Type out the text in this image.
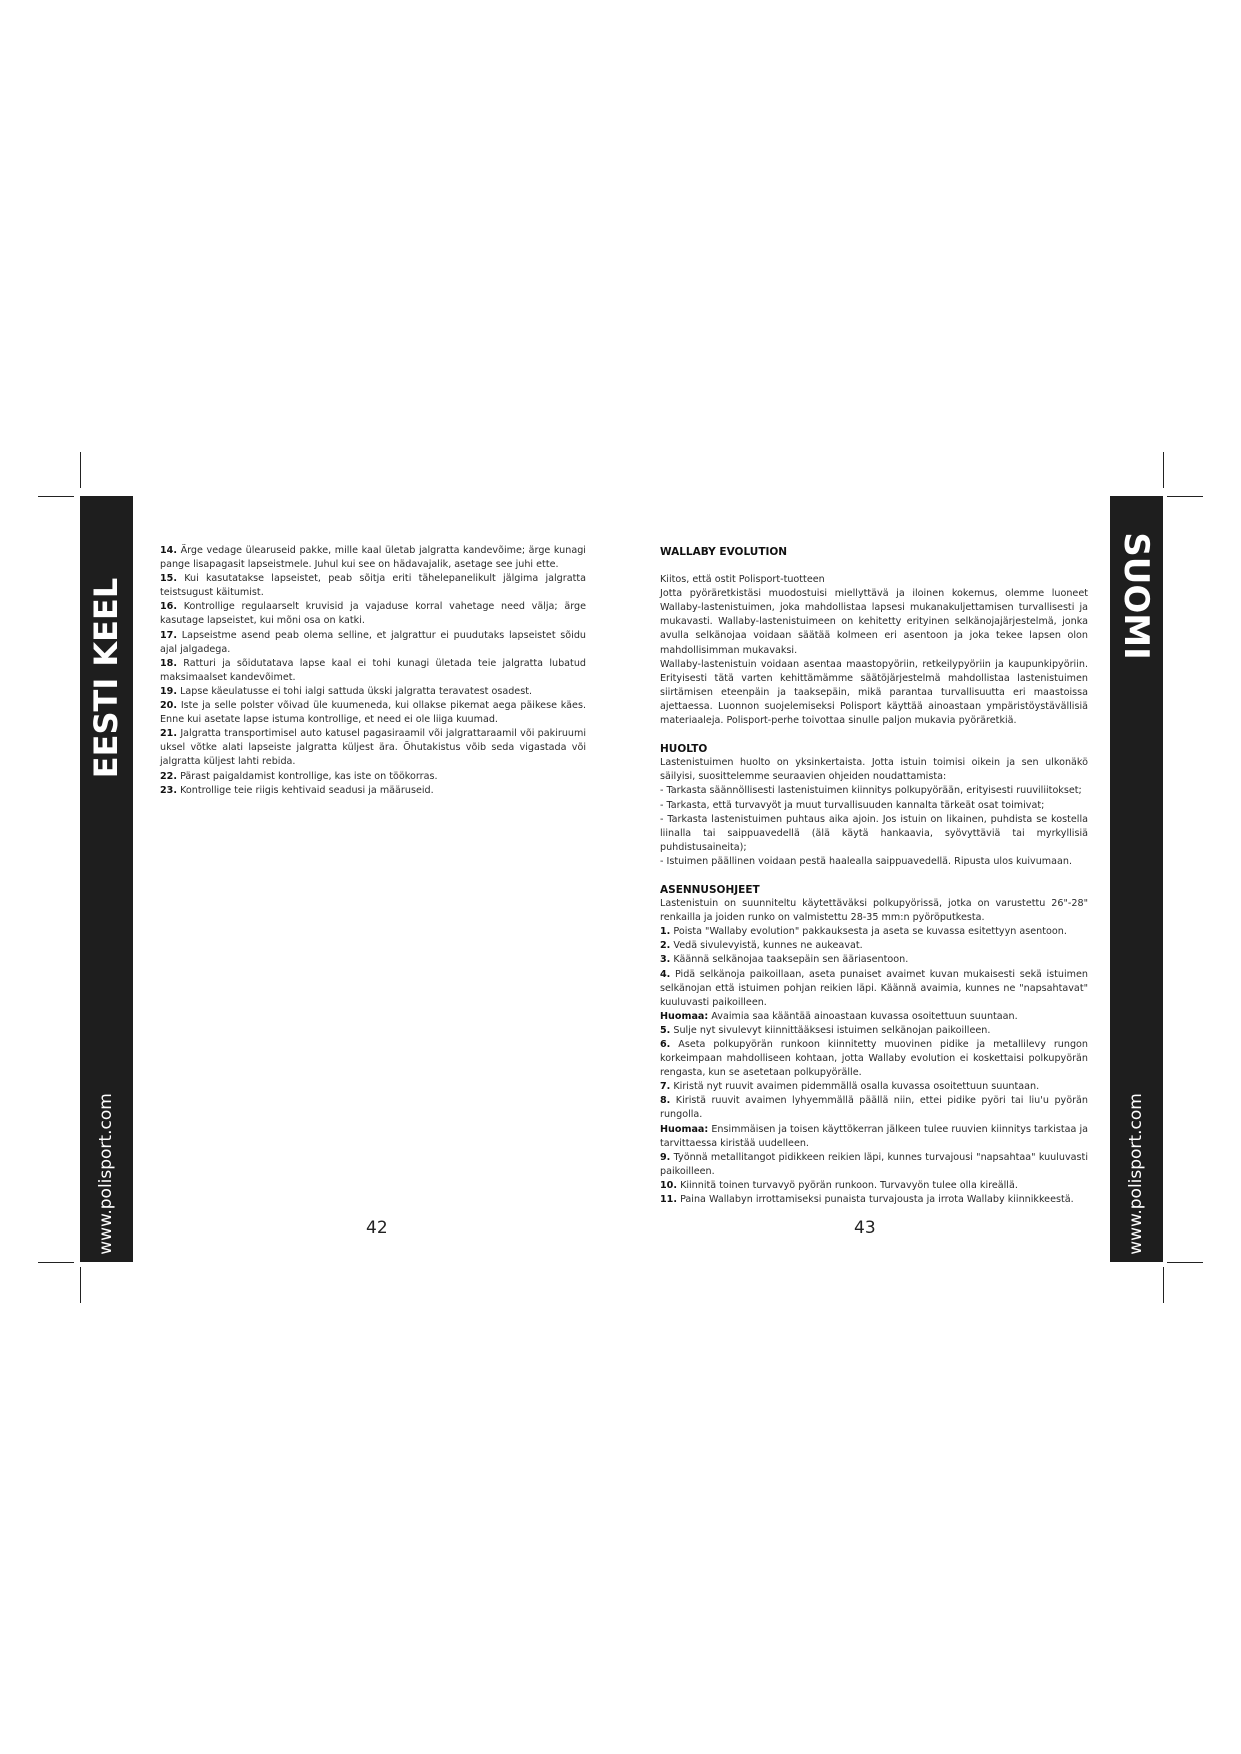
EESTI KEEL
www.polisport.com
SUOMI
www.polisport.com

14. Ärge vedage ülearuseid pakke, mille kaal ületab jalgratta kandevõime; ärge kunagi pange lisapagasit lapseistmele. Juhul kui see on hädavajalik, asetage see juhi ette.

15. Kui kasutatakse lapseistet, peab sõitja eriti tähelepanelikult jälgima jalgratta teistsugust käitumist.

16. Kontrollige regulaarselt kruvisid ja vajaduse korral vahetage need välja; ärge kasutage lapseistet, kui mõni osa on katki.

17. Lapseistme asend peab olema selline, et jalgrattur ei puudutaks lapseistet sõidu ajal jalgadega.

18. Ratturi ja sõidutatava lapse kaal ei tohi kunagi ületada teie jalgratta lubatud maksimaalset kandevõimet.

19. Lapse käeulatusse ei tohi ialgi sattuda ükski jalgratta teravatest osadest.

20. Iste ja selle polster võivad üle kuumeneda, kui ollakse pikemat aega päikese käes. Enne kui asetate lapse istuma kontrollige, et need ei ole liiga kuumad.

21. Jalgratta transportimisel auto katusel pagasiraamil või jalgrattaraamil või pakiruumi uksel võtke alati lapseiste jalgratta küljest ära. Õhutakistus võib seda vigastada või jalgratta küljest lahti rebida.

22. Pärast paigaldamist kontrollige, kas iste on töökorras.

23. Kontrollige teie riigis kehtivaid seadusi ja määruseid.

WALLABY EVOLUTION

Kiitos, että ostit Polisport-tuotteen

Jotta pyöräretkistäsi muodostuisi miellyttävä ja iloinen kokemus, olemme luoneet Wallaby-lastenistuimen, joka mahdollistaa lapsesi mukanakuljettamisen turvallisesti ja mukavasti. Wallaby-lastenistuimeen on kehitetty erityinen selkänojajärjestelmä, jonka avulla selkänojaa voidaan säätää kolmeen eri asentoon ja joka tekee lapsen olon mahdollisimman mukavaksi.

Wallaby-lastenistuin voidaan asentaa maastopyöriin, retkeilypyöriin ja kaupunkipyöriin. Erityisesti tätä varten kehittämämme säätöjärjestelmä mahdollistaa lastenistuimen siirtämisen eteenpäin ja taaksepäin, mikä parantaa turvallisuutta eri maastoissa ajettaessa. Luonnon suojelemiseksi Polisport käyttää ainoastaan ympäristöystävällisiä materiaaleja. Polisport-perhe toivottaa sinulle paljon mukavia pyöräretkiä.

HUOLTO

Lastenistuimen huolto on yksinkertaista. Jotta istuin toimisi oikein ja sen ulkonäkö säilyisi, suosittelemme seuraavien ohjeiden noudattamista:

- Tarkasta säännöllisesti lastenistuimen kiinnitys polkupyörään, erityisesti ruuviliitokset;

- Tarkasta, että turvavyöt ja muut turvallisuuden kannalta tärkeät osat toimivat;

- Tarkasta lastenistuimen puhtaus aika ajoin. Jos istuin on likainen, puhdista se kostella liinalla tai saippuavedellä (älä käytä hankaavia, syövyttäviä tai myrkyllisiä puhdistusaineita);

- Istuimen päällinen voidaan pestä haalealla saippuavedellä. Ripusta ulos kuivumaan.

ASENNUSOHJEET

Lastenistuin on suunniteltu käytettäväksi polkupyörissä, jotka on varustettu 26"-28" renkailla ja joiden runko on valmistettu 28-35 mm:n pyöröputkesta.

1. Poista "Wallaby evolution" pakkauksesta ja aseta se kuvassa esitettyyn asentoon.

2. Vedä sivulevyistä, kunnes ne aukeavat.

3. Käännä selkänojaa taaksepäin sen ääriasentoon.

4. Pidä selkänoja paikoillaan, aseta punaiset avaimet kuvan mukaisesti sekä istuimen selkänojan että istuimen pohjan reikien läpi. Käännä avaimia, kunnes ne "napsahtavat" kuuluvasti paikoilleen.

Huomaa: Avaimia saa kääntää ainoastaan kuvassa osoitettuun suuntaan.

5. Sulje nyt sivulevyt kiinnittääksesi istuimen selkänojan paikoilleen.

6. Aseta polkupyörän runkoon kiinnitetty muovinen pidike ja metallilevy rungon korkeimpaan mahdolliseen kohtaan, jotta Wallaby evolution ei koskettaisi polkupyörän rengasta, kun se asetetaan polkupyörälle.

7. Kiristä nyt ruuvit avaimen pidemmällä osalla kuvassa osoitettuun suuntaan.

8. Kiristä ruuvit avaimen lyhyemmällä päällä niin, ettei pidike pyöri tai liu'u pyörän rungolla.

Huomaa: Ensimmäisen ja toisen käyttökerran jälkeen tulee ruuvien kiinnitys tarkistaa ja tarvittaessa kiristää uudelleen.

9. Työnnä metallitangot pidikkeen reikien läpi, kunnes turvajousi "napsahtaa" kuuluvasti paikoilleen.

10. Kiinnitä toinen turvavyö pyörän runkoon. Turvavyön tulee olla kireällä.

11. Paina Wallabyn irrottamiseksi punaista turvajousta ja irrota Wallaby kiinnikkeestä.

42	43
